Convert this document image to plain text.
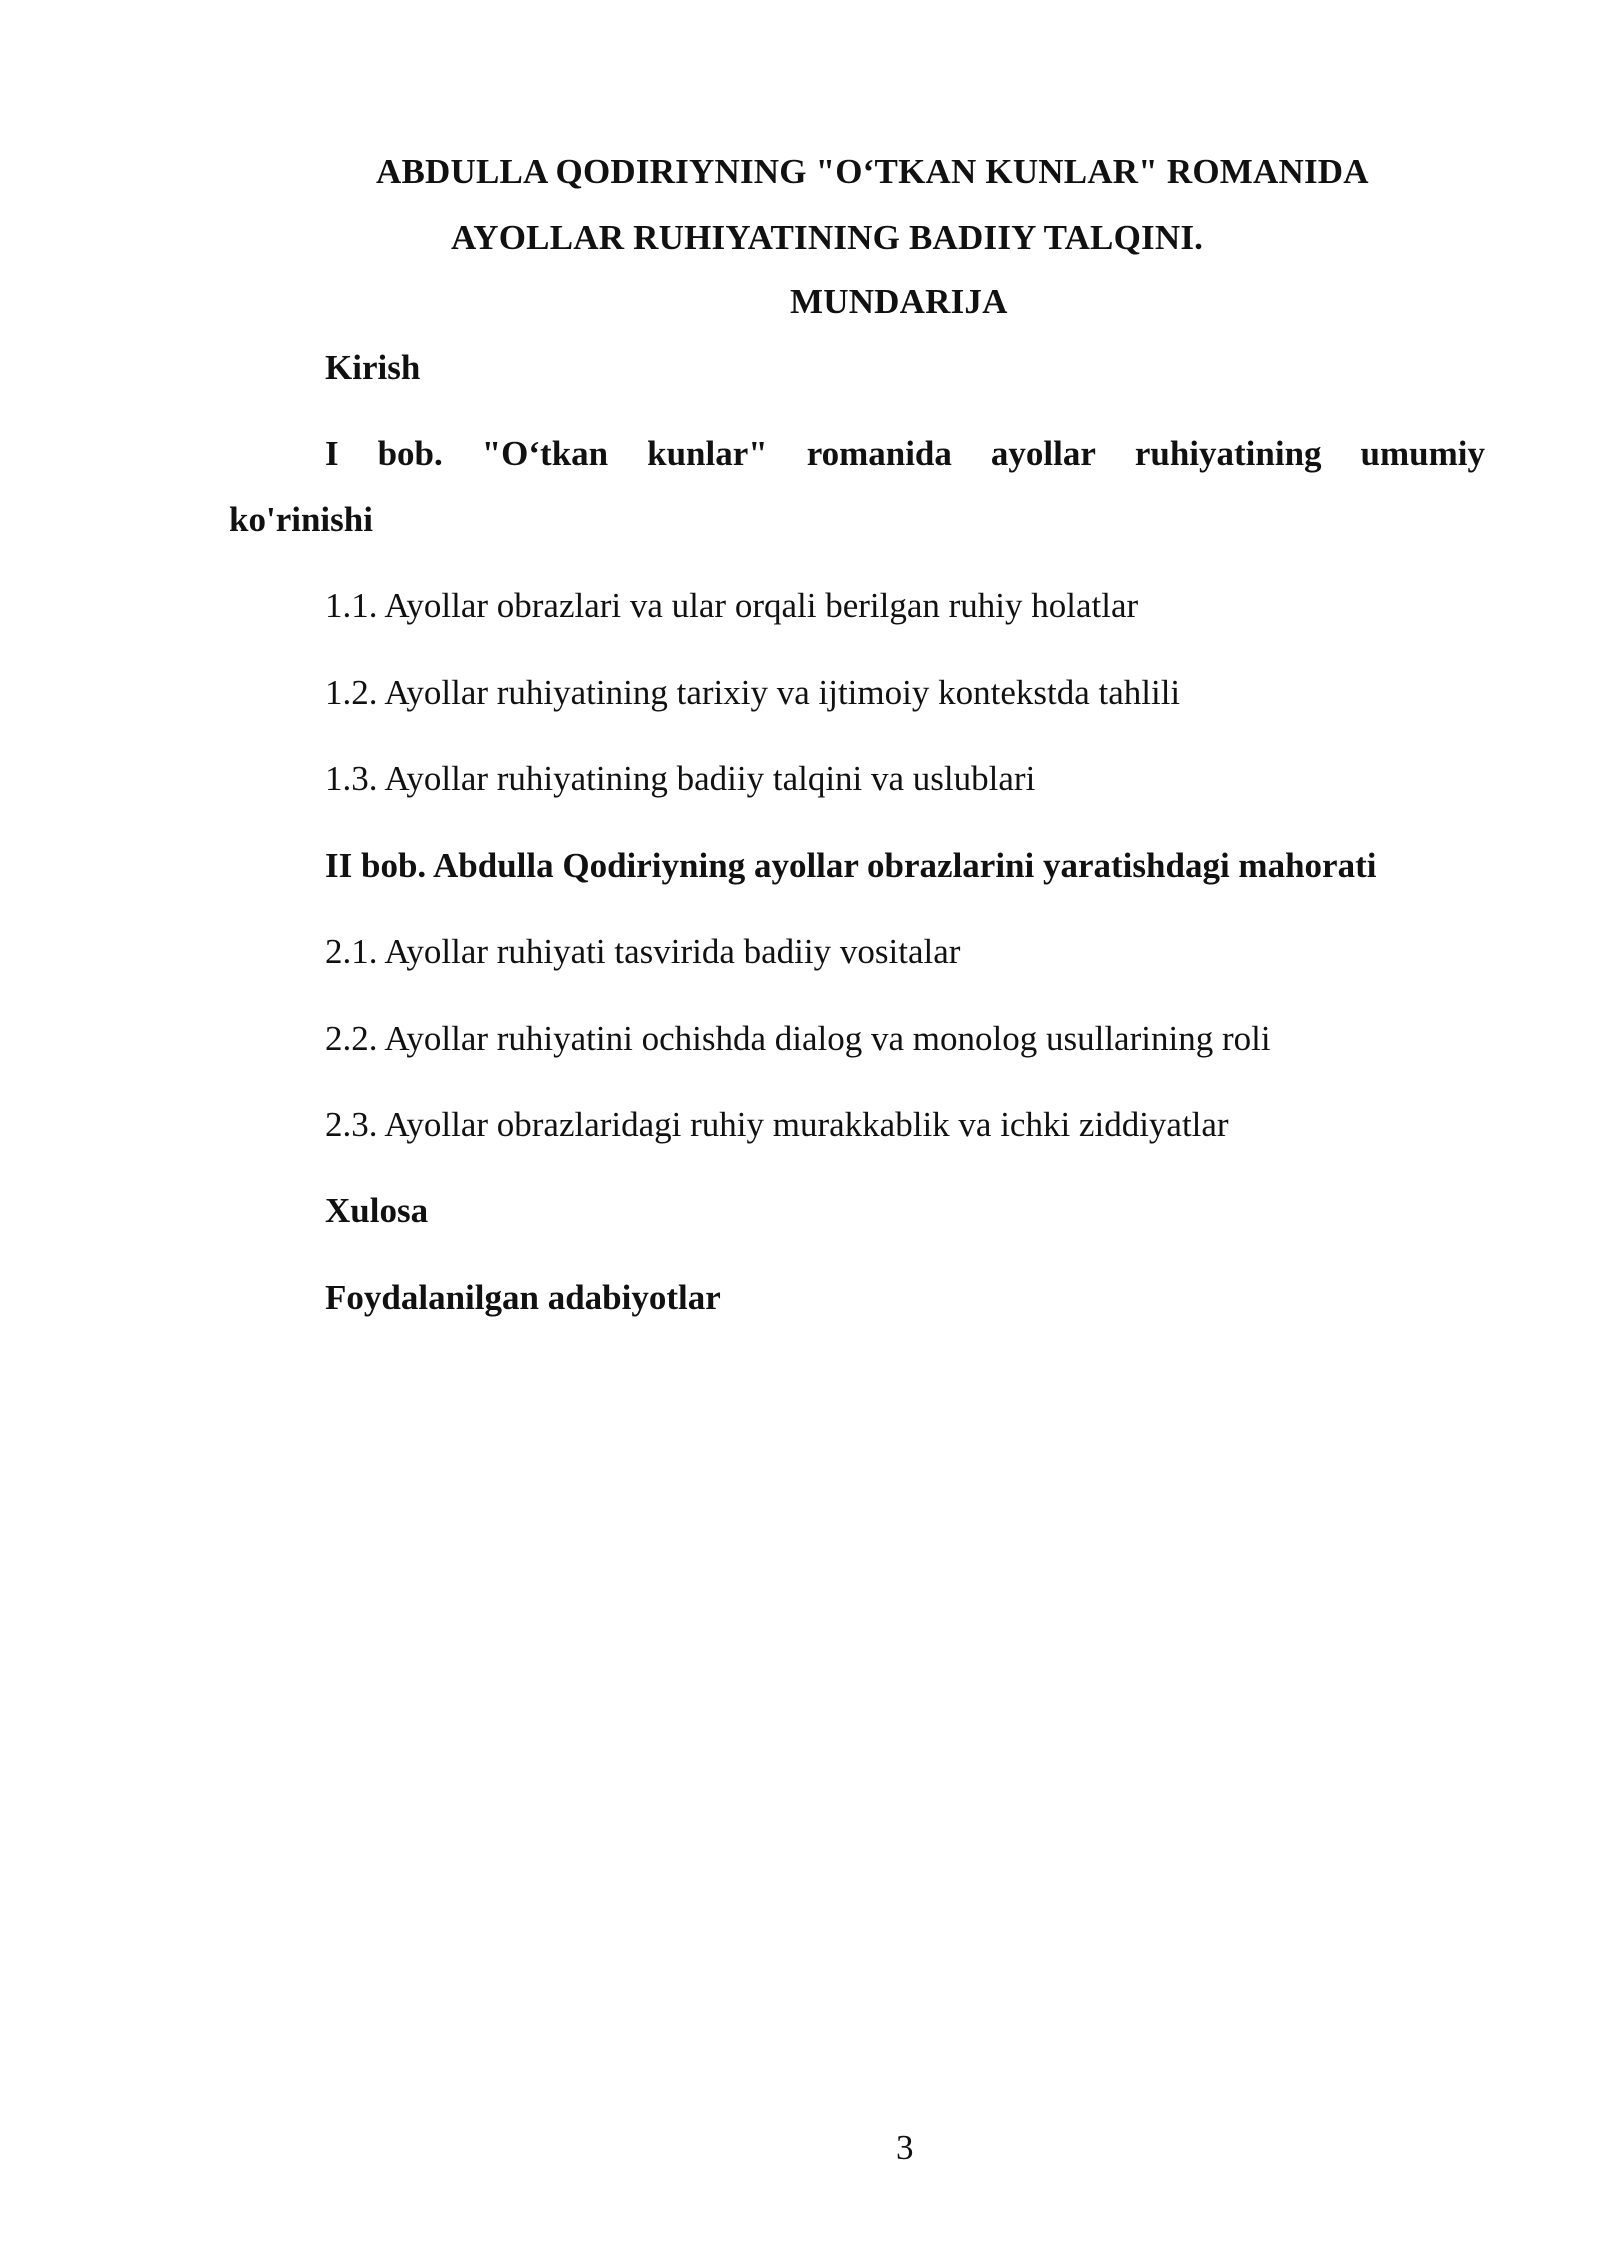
ABDULLA QODIRIYNING "O‘TKAN KUNLAR" ROMANIDA
AYOLLAR RUHIYATINING BADIIY TALQINI.
MUNDARIJA
Kirish
I bob. "O‘tkan kunlar" romanida ayollar ruhiyatining umumiy
ko'rinishi
1.1. Ayollar obrazlari va ular orqali berilgan ruhiy holatlar
1.2. Ayollar ruhiyatining tarixiy va ijtimoiy kontekstda tahlili
1.3. Ayollar ruhiyatining badiiy talqini va uslublari
II bob. Abdulla Qodiriyning ayollar obrazlarini yaratishdagi mahorati
2.1. Ayollar ruhiyati tasvirida badiiy vositalar
2.2. Ayollar ruhiyatini ochishda dialog va monolog usullarining roli
2.3. Ayollar obrazlaridagi ruhiy murakkablik va ichki ziddiyatlar
Xulosa
Foydalanilgan adabiyotlar
3
